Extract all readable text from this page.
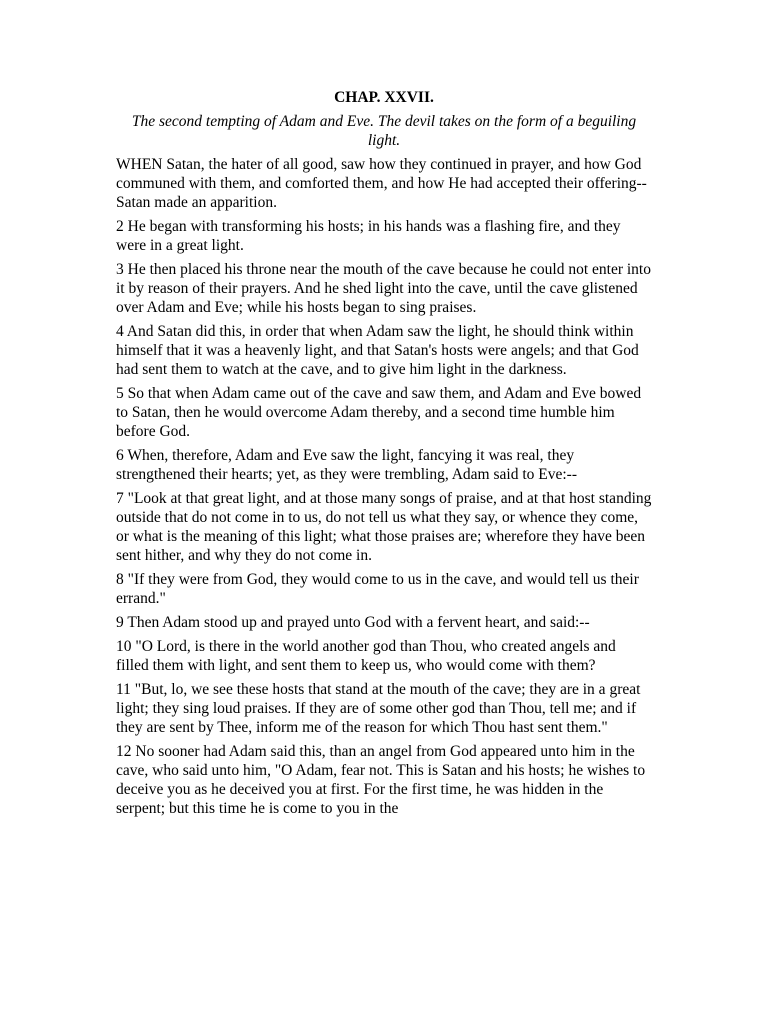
CHAP. XXVII.
The second tempting of Adam and Eve. The devil takes on the form of a beguiling light.
WHEN Satan, the hater of all good, saw how they continued in prayer, and how God communed with them, and comforted them, and how He had accepted their offering--Satan made an apparition.
2 He began with transforming his hosts; in his hands was a flashing fire, and they were in a great light.
3 He then placed his throne near the mouth of the cave because he could not enter into it by reason of their prayers. And he shed light into the cave, until the cave glistened over Adam and Eve; while his hosts began to sing praises.
4 And Satan did this, in order that when Adam saw the light, he should think within himself that it was a heavenly light, and that Satan's hosts were angels; and that God had sent them to watch at the cave, and to give him light in the darkness.
5 So that when Adam came out of the cave and saw them, and Adam and Eve bowed to Satan, then he would overcome Adam thereby, and a second time humble him before God.
6 When, therefore, Adam and Eve saw the light, fancying it was real, they strengthened their hearts; yet, as they were trembling, Adam said to Eve:--
7 "Look at that great light, and at those many songs of praise, and at that host standing outside that do not come in to us, do not tell us what they say, or whence they come, or what is the meaning of this light; what those praises are; wherefore they have been sent hither, and why they do not come in.
8 "If they were from God, they would come to us in the cave, and would tell us their errand."
9 Then Adam stood up and prayed unto God with a fervent heart, and said:--
10 "O Lord, is there in the world another god than Thou, who created angels and filled them with light, and sent them to keep us, who would come with them?
11 "But, lo, we see these hosts that stand at the mouth of the cave; they are in a great light; they sing loud praises. If they are of some other god than Thou, tell me; and if they are sent by Thee, inform me of the reason for which Thou hast sent them."
12 No sooner had Adam said this, than an angel from God appeared unto him in the cave, who said unto him, "O Adam, fear not. This is Satan and his hosts; he wishes to deceive you as he deceived you at first. For the first time, he was hidden in the serpent; but this time he is come to you in the
